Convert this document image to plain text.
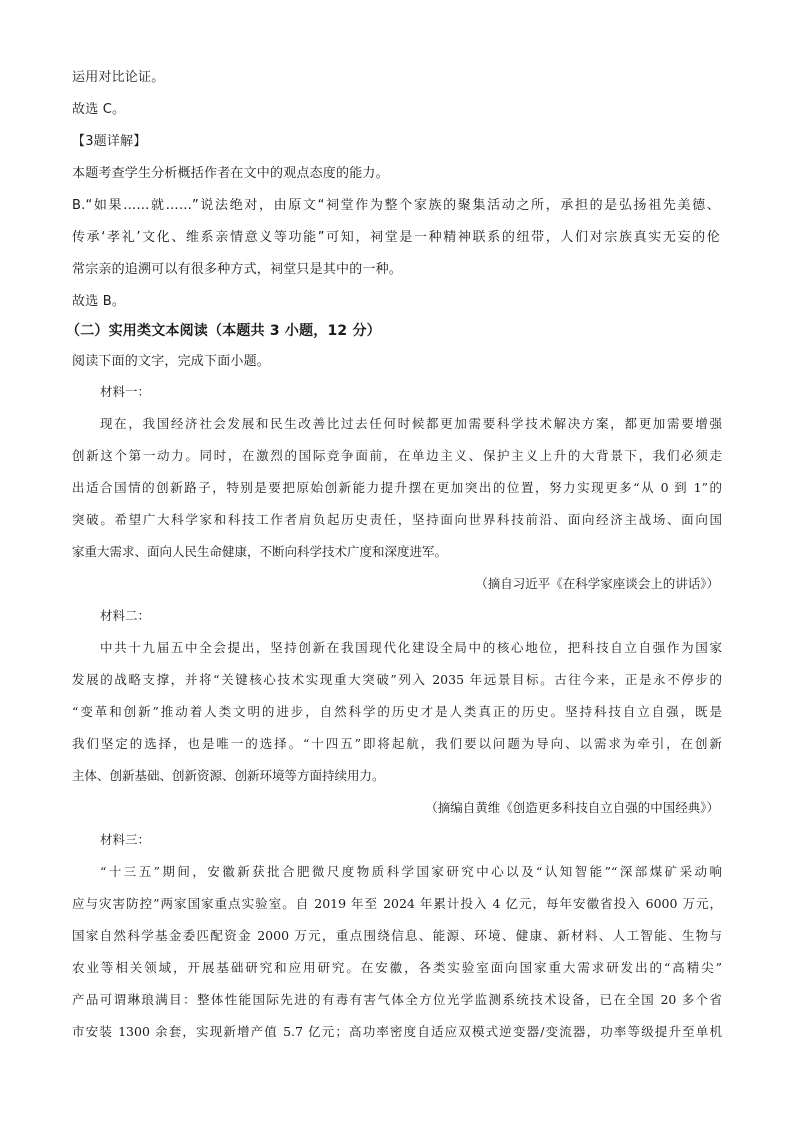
运用对比论证。
故选 C。
【3题详解】
本题考查学生分析概括作者在文中的观点态度的能力。
B.“如果……就……”说法绝对，由原文“祠堂作为整个家族的聚集活动之所，承担的是弘扬祖先美德、
传承‘孝礼’文化、维系亲情意义等功能”可知，祠堂是一种精神联系的纽带，人们对宗族真实无妄的伦
常宗亲的追溯可以有很多种方式，祠堂只是其中的一种。
故选 B。
（二）实用类文本阅读（本题共 3 小题，12 分）
阅读下面的文字，完成下面小题。
材料一：
现在，我国经济社会发展和民生改善比过去任何时候都更加需要科学技术解决方案，都更加需要增强
创新这个第一动力。同时，在激烈的国际竞争面前，在单边主义、保护主义上升的大背景下，我们必须走
出适合国情的创新路子，特别是要把原始创新能力提升摆在更加突出的位置，努力实现更多“从 0 到 1”的
突破。希望广大科学家和科技工作者肩负起历史责任，坚持面向世界科技前沿、面向经济主战场、面向国
家重大需求、面向人民生命健康，不断向科学技术广度和深度进军。
（摘自习近平《在科学家座谈会上的讲话》）
材料二：
中共十九届五中全会提出，坚持创新在我国现代化建设全局中的核心地位，把科技自立自强作为国家
发展的战略支撑，并将“关键核心技术实现重大突破”列入 2035 年远景目标。古往今来，正是永不停步的
“变革和创新”推动着人类文明的进步，自然科学的历史才是人类真正的历史。坚持科技自立自强，既是
我们坚定的选择，也是唯一的选择。“十四五”即将起航，我们要以问题为导向、以需求为牵引，在创新
主体、创新基础、创新资源、创新环境等方面持续用力。
（摘编自黄维《创造更多科技自立自强的中国经典》）
材料三：
“十三五”期间，安徽新获批合肥微尺度物质科学国家研究中心以及“认知智能”“深部煤矿采动响
应与灾害防控”两家国家重点实验室。自 2019 年至 2024 年累计投入 4 亿元，每年安徽省投入 6000 万元，
国家自然科学基金委匹配资金 2000 万元，重点围绕信息、能源、环境、健康、新材料、人工智能、生物与
农业等相关领域，开展基础研究和应用研究。在安徽，各类实验室面向国家重大需求研发出的“高精尖”
产品可谓琳琅满目：整体性能国际先进的有毒有害气体全方位光学监测系统技术设备，已在全国 20 多个省
市安装 1300 余套，实现新增产值 5.7 亿元；高功率密度自适应双模式逆变器/变流器，功率等级提升至单机
